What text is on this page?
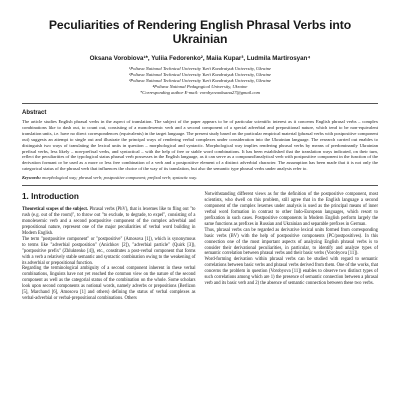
Peculiarities of Rendering English Phrasal Verbs into Ukrainian
Oksana Vorobiova¹*, Yuliia Fedorenko², Maiia Kupar³, Ludmila Martirosyan⁴
¹Poltava National Technical University Yurii Kondratyuk University, Ukraine
²Poltava National Technical University Yurii Kondratyuk University, Ukraine
³Poltava National Technical University Yurii Kondratyuk University, Ukraine
⁴Poltava National Pedagogical University, Ukraine
*Corresponding author E-mail: vorobyovaoksana27@gmail.com
Abstract
The article studies English phrasal verbs in the aspect of translation. The subject of the paper appears to be of particular scientific interest as it concerns English phrasal verbs – complex combinations like to dash out, to count out, consisting of a monolexemic verb and a second component of a special adverbial and prepositional nature, which tend to be non-equivalent translation units, i.e. have no direct correspondences (equivalents) in the target language. The present study based on the particular empirical material (phrasal verbs with postpositive component out) suggests an attempt to single out and illustrate the principal ways of rendering verbal complexes under consideration into the Ukrainian language. The research carried out enables to distinguish two ways of translating the lexical units in question – morphological and syntactic. Morphological way implies rendering phrasal verbs by means of predominantly Ukrainian prefixal verbs, less likely – non-prefixal verbs, and syntactical – with the help of free or stable word combinations. It has been established that the translation ways indicated, on their turn, reflect the peculiarities of the typological status phrasal verb possesses in the English language, as it can serve as a compound/analytical verb with postpositive component in the function of the derivation formant or be used as a more or less free combination of a verb and a postpositive element of a distinct adverbial character. The assumption has been made that it is not only the categorical status of the phrasal verb that influences the choice of the way of its translation, but also the semantic type phrasal verbs under analysis refer to.
Keywords: morphological way; phrasal verb; postpositive component; prefixal verb; syntactic way.
1. Introduction

Theoretical scopes of the subject. Phrasal verbs (PhV), that is lexemes like to fling out "to rush (e.g. out of the room)", to throw out "to exclude, to degrade, to expel", consisting of a monolexemic verb and a second postpositive component of the complex adverbial and prepositional nature, represent one of the major peculiarities of verbal word building in Modern English.

The term "postpositive component" or "postpositive" (Amosova [1]), which is synonymous to terms like "adverbial postposition" (Anichkov [2]), "adverbial particle" (Quirk [3]), "postpositive prefix" (Zhluktenko [4]), etc., constitutes a post-verbal component that forms with a verb a relatively stable semantic and syntactic combination owing to the weakening of its adverbial or prepositional function.

Regarding the terminological ambiguity of a second component inherent in these verbal combinations, linguists have not yet reached the common view on the nature of the second component as well as the categorial status of the combination on the whole. Some scholars look upon second components as notional words, namely adverbs or prepositions (Berlizon [5], Marchand [6], Amosova [1] and others) defining the status of verbal complexes as verbal-adverbial or verbal-prepositional combinations. Others

Notwithstanding different views as for the definition of the postpositive component, most scientists, who dwell on this problem, still agree that in the English language a second component of the complex lexemes under analysis is used as the principal means of inner verbal word formation in contrast to other Indo-European languages, which resort to prefixation in such cases. Postpositive components in Modern English perform largely the same functions as prefixes in Russian and Ukrainian and separable prefixes in German.

Thus, phrasal verbs can be regarded as derivative lexical units formed from corresponding basic verbs (BV) with the help of postpositive components (PC/postpositives). In this connection one of the most important aspects of analyzing English phrasal verbs is to consider their derivational peculiarities, in particular, to identify and analyze types of semantic correlation between phrasal verbs and their basic verbs (Vorobyova [11]).

Word-forming derivation within phrasal verbs can be studied with regard to semantic correlations between basic verbs and phrasal verbs derived from them. One of the works, that concerns the problem in question (Vorobyova [11]) enables to observe two distinct types of such correlations among which are 1) the presence of semantic connection between a phrasal verb and its basic verb and 2) the absence of semantic connection between these two verbs.
